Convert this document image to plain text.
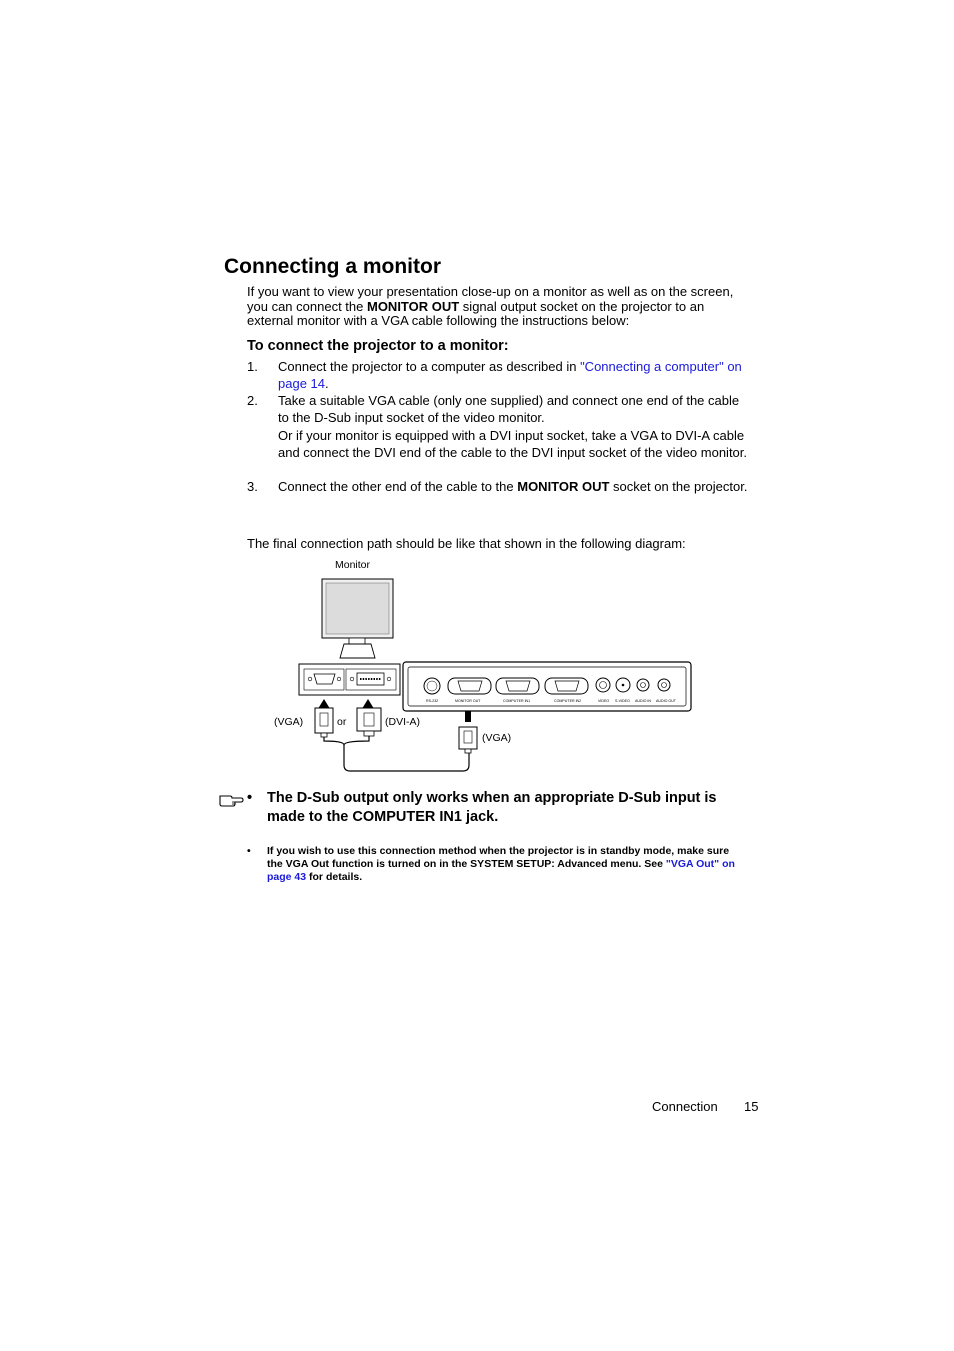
Connecting a monitor
If you want to view your presentation close-up on a monitor as well as on the screen, you can connect the MONITOR OUT signal output socket on the projector to an external monitor with a VGA cable following the instructions below:
To connect the projector to a monitor:
1. Connect the projector to a computer as described in "Connecting a computer" on page 14.
2. Take a suitable VGA cable (only one supplied) and connect one end of the cable to the D-Sub input socket of the video monitor.
Or if your monitor is equipped with a DVI input socket, take a VGA to DVI-A cable and connect the DVI end of the cable to the DVI input socket of the video monitor.
3. Connect the other end of the cable to the MONITOR OUT socket on the projector.
The final connection path should be like that shown in the following diagram:
Monitor
(VGA)	or	(DVI-A)
(VGA)
RS-232	MONITOR OUT	COMPUTER IN1	COMPUTER IN2	VIDEO S-VIDEO AUDIO IN AUDIO OUT
• The D-Sub output only works when an appropriate D-Sub input is made to the COMPUTER IN1 jack.
• If you wish to use this connection method when the projector is in standby mode, make sure the VGA Out function is turned on in the SYSTEM SETUP: Advanced menu. See "VGA Out" on page 43 for details.
Connection 15
